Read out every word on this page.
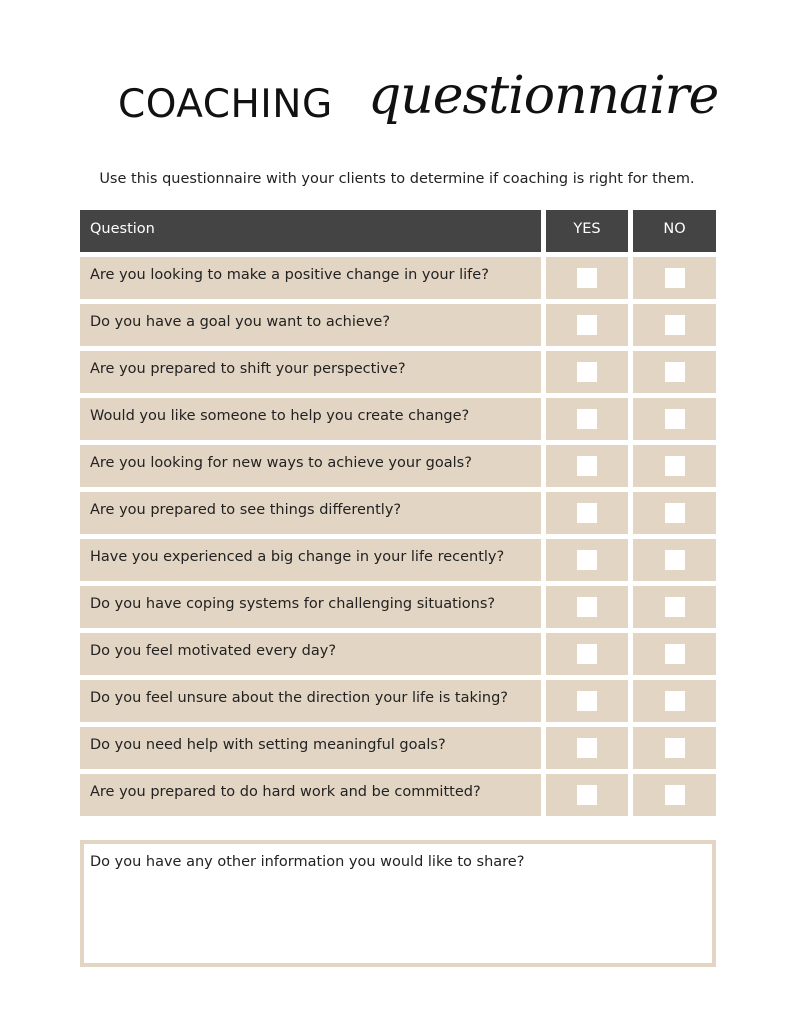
COACHING questionnaire
Use this questionnaire with your clients to determine if coaching is right for them.
Question	YES	NO
Are you looking to make a positive change in your life?
Do you have a goal you want to achieve?
Are you prepared to shift your perspective?
Would you like someone to help you create change?
Are you looking for new ways to achieve your goals?
Are you prepared to see things differently?
Have you experienced a big change in your life recently?
Do you have coping systems for challenging situations?
Do you feel motivated every day?
Do you feel unsure about the direction your life is taking?
Do you need help with setting meaningful goals?
Are you prepared to do hard work and be committed?
Do you have any other information you would like to share?
